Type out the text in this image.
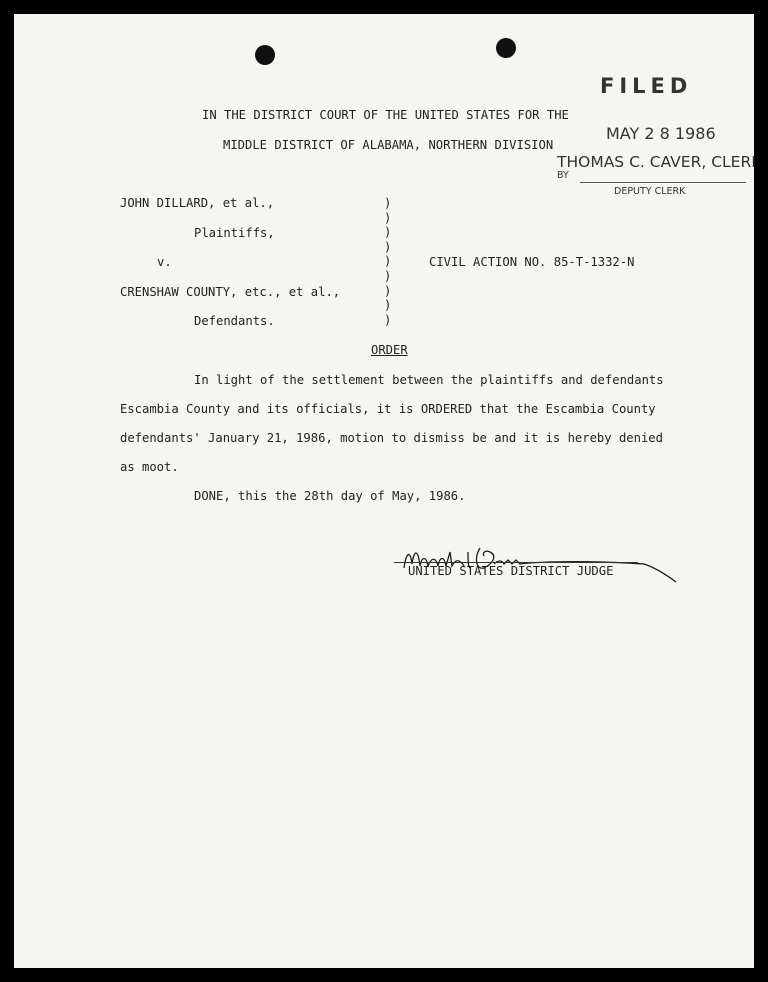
FILED
MAY 2 8 1986
THOMAS C. CAVER, CLERI
BY
DEPUTY CLERK
IN THE DISTRICT COURT OF THE UNITED STATES FOR THE
MIDDLE DISTRICT OF ALABAMA, NORTHERN DIVISION
JOHN DILLARD, et al.,
Plaintiffs,
v.
CRENSHAW COUNTY, etc., et al.,
Defendants.
)
)
)
)
)
)
)
)
)
CIVIL ACTION NO. 85-T-1332-N
ORDER
In light of the settlement between the plaintiffs and defendants
Escambia County and its officials, it is ORDERED that the Escambia County
defendants' January 21, 1986, motion to dismiss be and it is hereby denied
as moot.
DONE, this the 28th day of May, 1986.
UNITED STATES DISTRICT JUDGE
